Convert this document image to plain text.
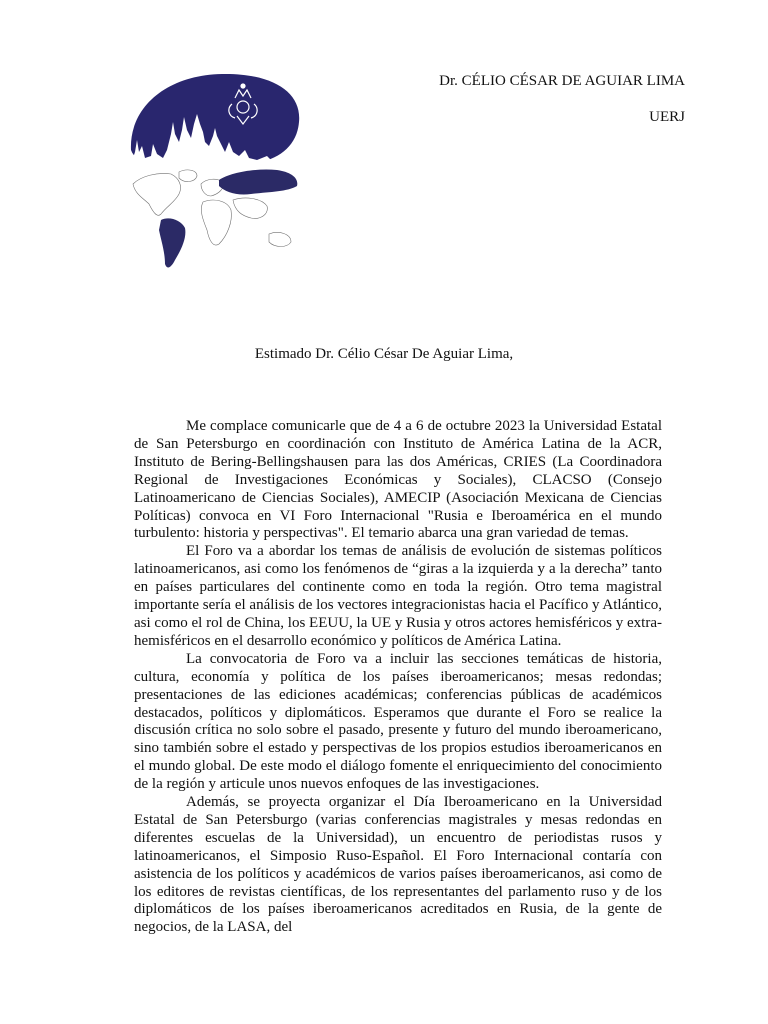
Dr. CÉLIO CÉSAR DE AGUIAR LIMA
UERJ
Estimado Dr. Célio César De Aguiar Lima,

Me complace comunicarle que de 4 a 6 de octubre 2023 la Universidad Estatal de San Petersburgo en coordinación con Instituto de América Latina de la ACR, Instituto de Bering-Bellingshausen para las dos Américas, CRIES (La Coordinadora Regional de Investigaciones Económicas y Sociales), CLACSO (Consejo Latinoamericano de Ciencias Sociales), AMECIP (Asociación Mexicana de Ciencias Políticas) convoca en VI Foro Internacional "Rusia e Iberoamérica en el mundo turbulento: historia y perspectivas". El temario abarca una gran variedad de temas.

El Foro va a abordar los temas de análisis de evolución de sistemas políticos latinoamericanos, asi como los fenómenos de “giras a la izquierda y a la derecha” tanto en países particulares del continente como en toda la región. Otro tema magistral importante sería el análisis de los vectores integracionistas hacia el Pacífico y Atlántico, asi como el rol de China, los EEUU, la UE y Rusia y otros actores hemisféricos y extra-hemisféricos en el desarrollo económico y políticos de América Latina.

La convocatoria de Foro va a incluir las secciones temáticas de historia, cultura, economía y política de los países iberoamericanos; mesas redondas; presentaciones de las ediciones académicas; conferencias públicas de académicos destacados, políticos y diplomáticos. Esperamos que durante el Foro se realice la discusión crítica no solo sobre el pasado, presente y futuro del mundo iberoamericano, sino también sobre el estado y perspectivas de los propios estudios iberoamericanos en el mundo global. De este modo el diálogo fomente el enriquecimiento del conocimiento de la región y articule unos nuevos enfoques de las investigaciones.

Además, se proyecta organizar el Día Iberoamericano en la Universidad Estatal de San Petersburgo (varias conferencias magistrales y mesas redondas en diferentes escuelas de la Universidad), un encuentro de periodistas rusos y latinoamericanos, el Simposio Ruso-Español. El Foro Internacional contaría con asistencia de los políticos y académicos de varios países iberoamericanos, asi como de los editores de revistas científicas, de los representantes del parlamento ruso y de los diplomáticos de los países iberoamericanos acreditados en Rusia, de la gente de negocios, de la LASA, del
